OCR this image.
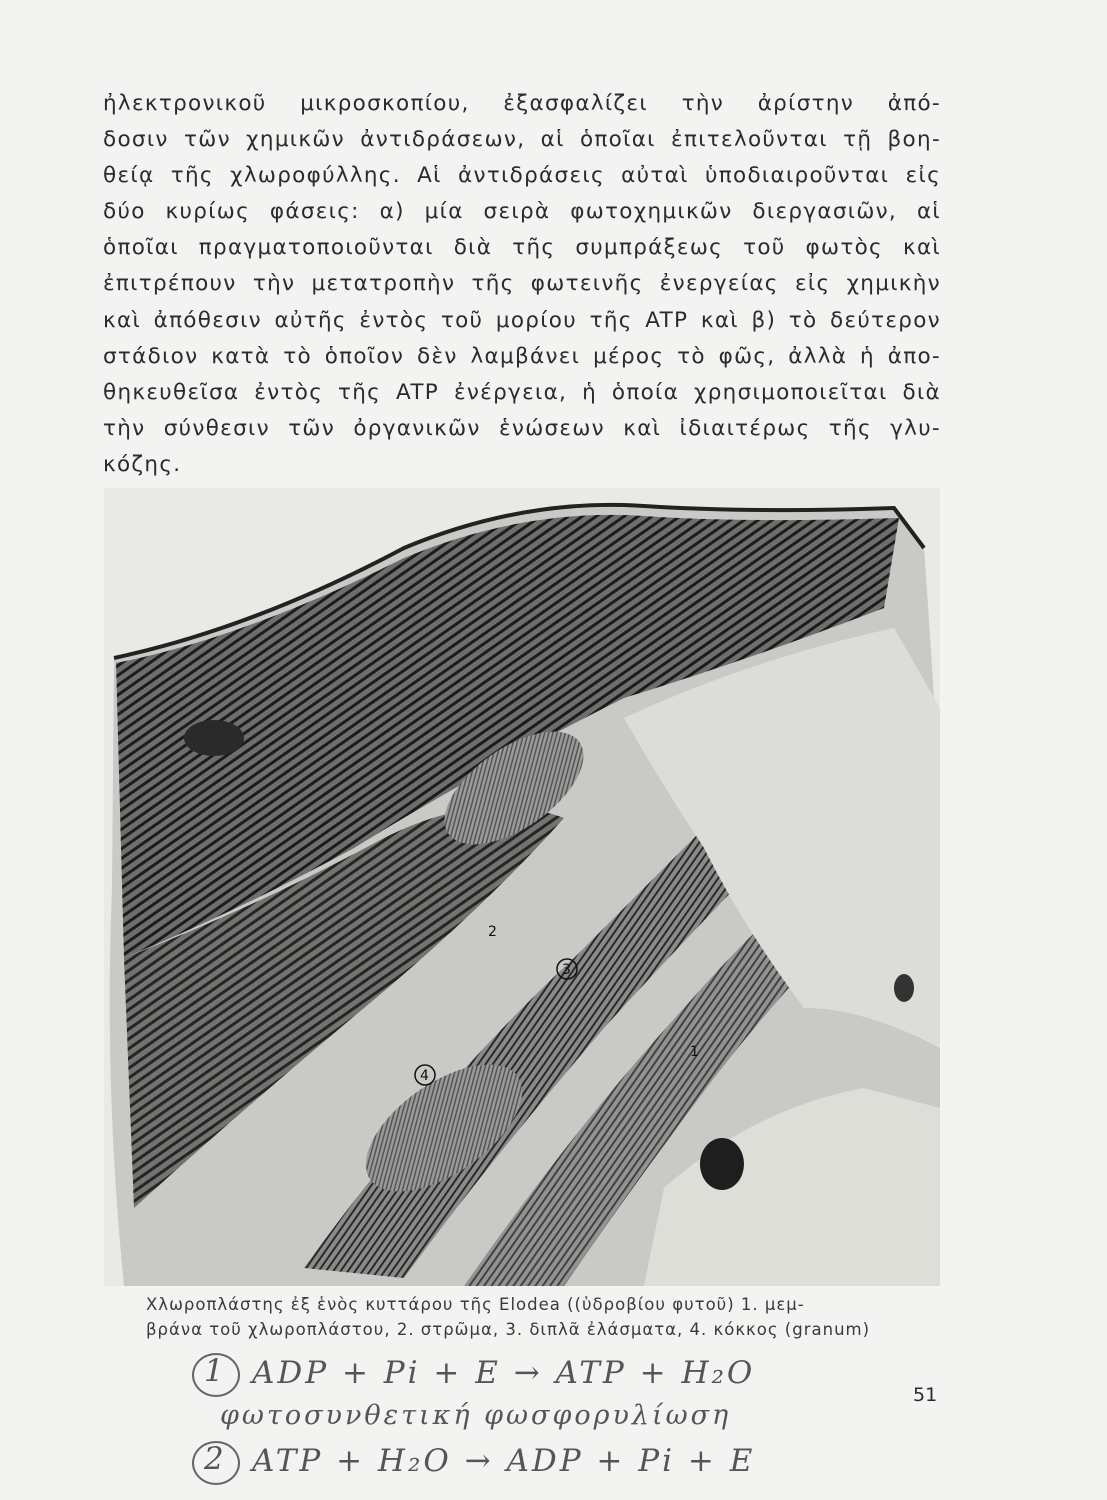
ἠλεκτρονικοῦ μικροσκοπίου, ἐξασφαλίζει τὴν ἀρίστην ἀπό-
δοσιν τῶν χημικῶν ἀντιδράσεων, αἱ ὁποῖαι ἐπιτελοῦνται τῇ βοη-
θείᾳ τῆς χλωροφύλλης. Αἱ ἀντιδράσεις αὐταὶ ὑποδιαιροῦνται εἰς
δύο κυρίως φάσεις: α) μία σειρὰ φωτοχημικῶν διεργασιῶν, αἱ
ὁποῖαι πραγματοποιοῦνται διὰ τῆς συμπράξεως τοῦ φωτὸς καὶ
ἐπιτρέπουν τὴν μετατροπὴν τῆς φωτεινῆς ἐνεργείας εἰς χημικὴν
καὶ ἀπόθεσιν αὐτῆς ἐντὸς τοῦ μορίου τῆς ATP καὶ β) τὸ δεύτερον
στάδιον κατὰ τὸ ὁποῖον δὲν λαμβάνει μέρος τὸ φῶς, ἀλλὰ ἡ ἀπο-
θηκευθεῖσα ἐντὸς τῆς ATP ἐνέργεια, ἡ ὁποία χρησιμοποιεῖται διὰ
τὴν σύνθεσιν τῶν ὀργανικῶν ἑνώσεων καὶ ἰδιαιτέρως τῆς γλυ-
κόζης.
2
3
1
4
Χλωροπλάστης ἐξ ἑνὸς κυττάρου τῆς Elodea ((ὑδροβίου φυτοῦ) 1. μεμ-
βράνα τοῦ χλωροπλάστου, 2. στρῶμα, 3. διπλᾶ ἐλάσματα, 4. κόκκος (granum)
1 ADP + Pi + E → ATP + H₂O
φωτοσυνθετική φωσφορυλίωση
2 ATP + H₂O → ADP + Pi + E
51
